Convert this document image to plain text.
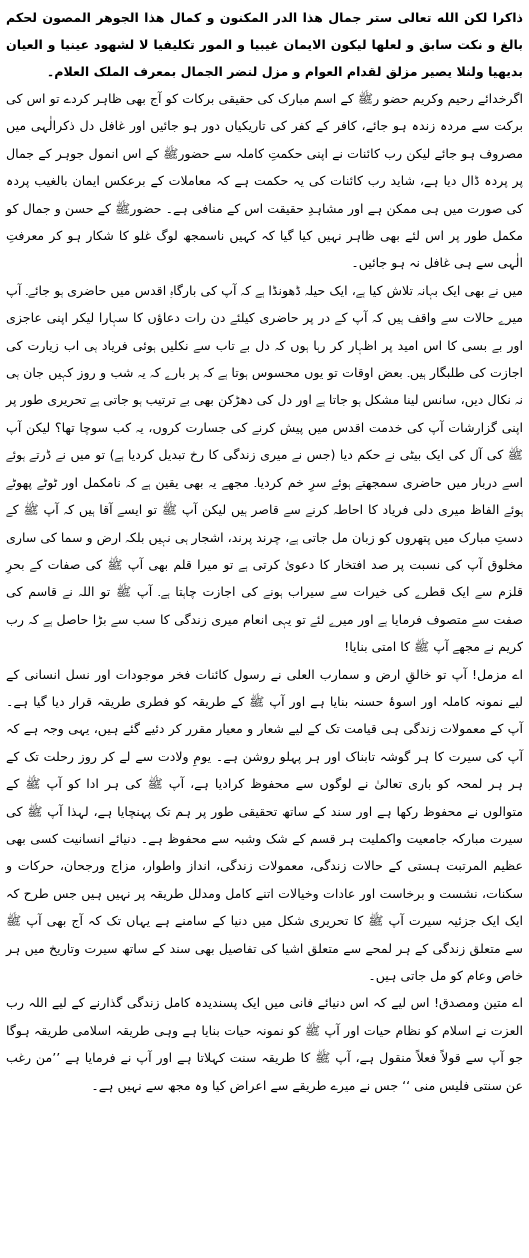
ذاکرا لکن الله تعالی ستر جمال هذا الدر المکنون و کمال هذا الجوهر المصون لحکم بالغ و نکت سابق و لعلها لیکون الایمان غیبیا و المور تکلیفیا لا لشهود عینیا و العیان بدیهیا ولنلا یصیر مزلق لقدام العوام و مزل لنضر الجمال بمعرف الملک العلام۔

اگرخدائے رحیم وکریم حضو رﷺ کے اسم مبارک کی حقیقی برکات کو آج بھی ظاہر کردے تو اس کی برکت سے مردہ زندہ ہو جائے، کافر کے کفر کی تاریکیاں دور ہو جائیں اور غافل دل ذکرالٰہی میں مصروف ہو جائے لیکن رب کائنات نے اپنی حکمتِ کاملہ سے حضورﷺ کے اس انمول جوہر کے جمال پر پردہ ڈال دیا ہے، شاید رب کائنات کی یہ حکمت ہے کہ معاملات کے برعکس ایمان بالغیب پردہ کی صورت میں ہی ممکن ہے اور مشاہدِ حقیقت اس کے منافی ہے۔ حضورﷺ کے حسن و جمال کو مکمل طور پر اس لئے بھی ظاہر نہیں کیا گیا کہ کہیں ناسمجھ لوگ غلو کا شکار ہو کر معرفتِ الٰہی سے ہی غافل نہ ہو جائیں۔

میں نے بھی ایک بہانہ تلاش کیا ہے، ایک حیلہ ڈھونڈا ہے کہ آپ کی بارگاہِ اقدس میں حاضری ہو جائے۔ آپ میرے حالات سے واقف ہیں کہ آپ کے در پر حاضری کیلئے دن رات دعاؤں کا سہارا لیکر اپنی عاجزی اور بے بسی کا اس امید پر اظہار کر رہا ہوں کہ دل بے تاب سے نکلیں ہوئی فریاد ہی اب زیارت کی اجازت کی طلبگار ہیں۔ بعض اوقات تو یوں محسوس ہوتا ہے کہ ہر بارے کہ یہ شب و روز کہیں جان ہی نہ نکال دیں، سانس لینا مشکل ہو جاتا ہے اور دل کی دھڑکن بھی بے ترتیب ہو جاتی ہے تحریری طور پر اپنی گزارشات آپ کی خدمت اقدس میں پیش کرنے کی جسارت کروں، یہ کب سوچا تھا؟ لیکن آپ ﷺ کی آل کی ایک بیٹی نے حکم دیا (جس نے میری زندگی کا رخ تبدیل کردیا ہے) تو میں نے ڈرتے ہوئے اسے دربار میں حاضری سمجھتے ہوئے سرِ خم کردیا۔ مجھے یہ بھی یقین ہے کہ نامکمل اور ٹوٹے پھوٹے ہوئے الفاظ میری دلی فریاد کا احاطہ کرنے سے قاصر ہیں لیکن آپ ﷺ تو ایسے آقا ہیں کہ آپ ﷺ کے دستِ مبارک میں پتھروں کو زبان مل جاتی ہے، چرند پرند، اشجار ہی نہیں بلکہ ارض و سما کی ساری مخلوق آپ کی نسبت پر صد افتخار کا دعویٰ کرتی ہے تو میرا قلم بھی آپ ﷺ کی صفات کے بحرِ قلزم سے ایک قطرے کی خیرات سے سیراب ہونے کی اجازت چاہتا ہے۔ آپ ﷺ تو اللہ نے قاسم کی صفت سے متصوف فرمایا ہے اور میرے لئے تو یہی انعام میری زندگی کا سب سے بڑا حاصل ہے کہ رب کریم نے مجھے آپ ﷺ کا امتی بنایا!

اے مزمل! آپ تو خالقِ ارض و سمارب العلی نے رسول کائنات فخر موجودات اور نسل انسانی کے لیے نمونہ کاملہ اور اسوۂ حسنہ بنایا ہے اور آپ ﷺ کے طریقہ کو فطری طریقہ قرار دیا گیا ہے۔ آپ کے معمولات زندگی ہی قیامت تک کے لیے شعار و معیار مقرر کر دئیے گئے ہیں، یہی وجہ ہے کہ آپ کی سیرت کا ہر گوشہ تابناک اور ہر پہلو روشن ہے۔ یومِ ولادت سے لے کر روز رحلت تک کے ہر ہر لمحہ کو باری تعالیٰ نے لوگوں سے محفوظ کرادیا ہے، آپ ﷺ کی ہر ادا کو آپ ﷺ کے متوالوں نے محفوظ رکھا ہے اور سند کے ساتھ تحقیقی طور پر ہم تک پہنچایا ہے، لہذا آپ ﷺ کی سیرت مبارکہ جامعیت واکملیت ہر قسم کے شک وشبہ سے محفوظ ہے۔ دنیائے انسانیت کسی بھی عظیم المرتبت ہستی کے حالات زندگی، معمولات زندگی، انداز واطوار، مزاج ورجحان، حرکات و سکنات، نشست و برخاست اور عادات وخیالات اتنے کامل ومدلل طریقہ پر نہیں ہیں جس طرح کہ ایک ایک جزئیہ سیرت آپ ﷺ کا تحریری شکل میں دنیا کے سامنے ہے یہاں تک کہ آج بھی آپ ﷺ سے متعلق زندگی کے ہر لمحے سے متعلق اشیا کی تفاصیل بھی سند کے ساتھ سیرت وتاریخ میں ہر خاص وعام کو مل جاتی ہیں۔

اے متین ومصدق! اس لیے کہ اس دنیائے فانی میں ایک پسندیدہ کامل زندگی گذارنے کے لیے اللہ رب العزت نے اسلام کو نظام حیات اور آپ ﷺ کو نمونہ حیات بنایا ہے وہی طریقہ اسلامی طریقہ ہوگا جو آپ سے قولاً فعلاً منقول ہے، آپ ﷺ کا طریقہ سنت کہلاتا ہے اور آپ نے فرمایا ہے ’’من رغب عن سنتی فلیس منی ‘‘ جس نے میرے طریقے سے اعراض کیا وہ مجھ سے نہیں ہے۔
